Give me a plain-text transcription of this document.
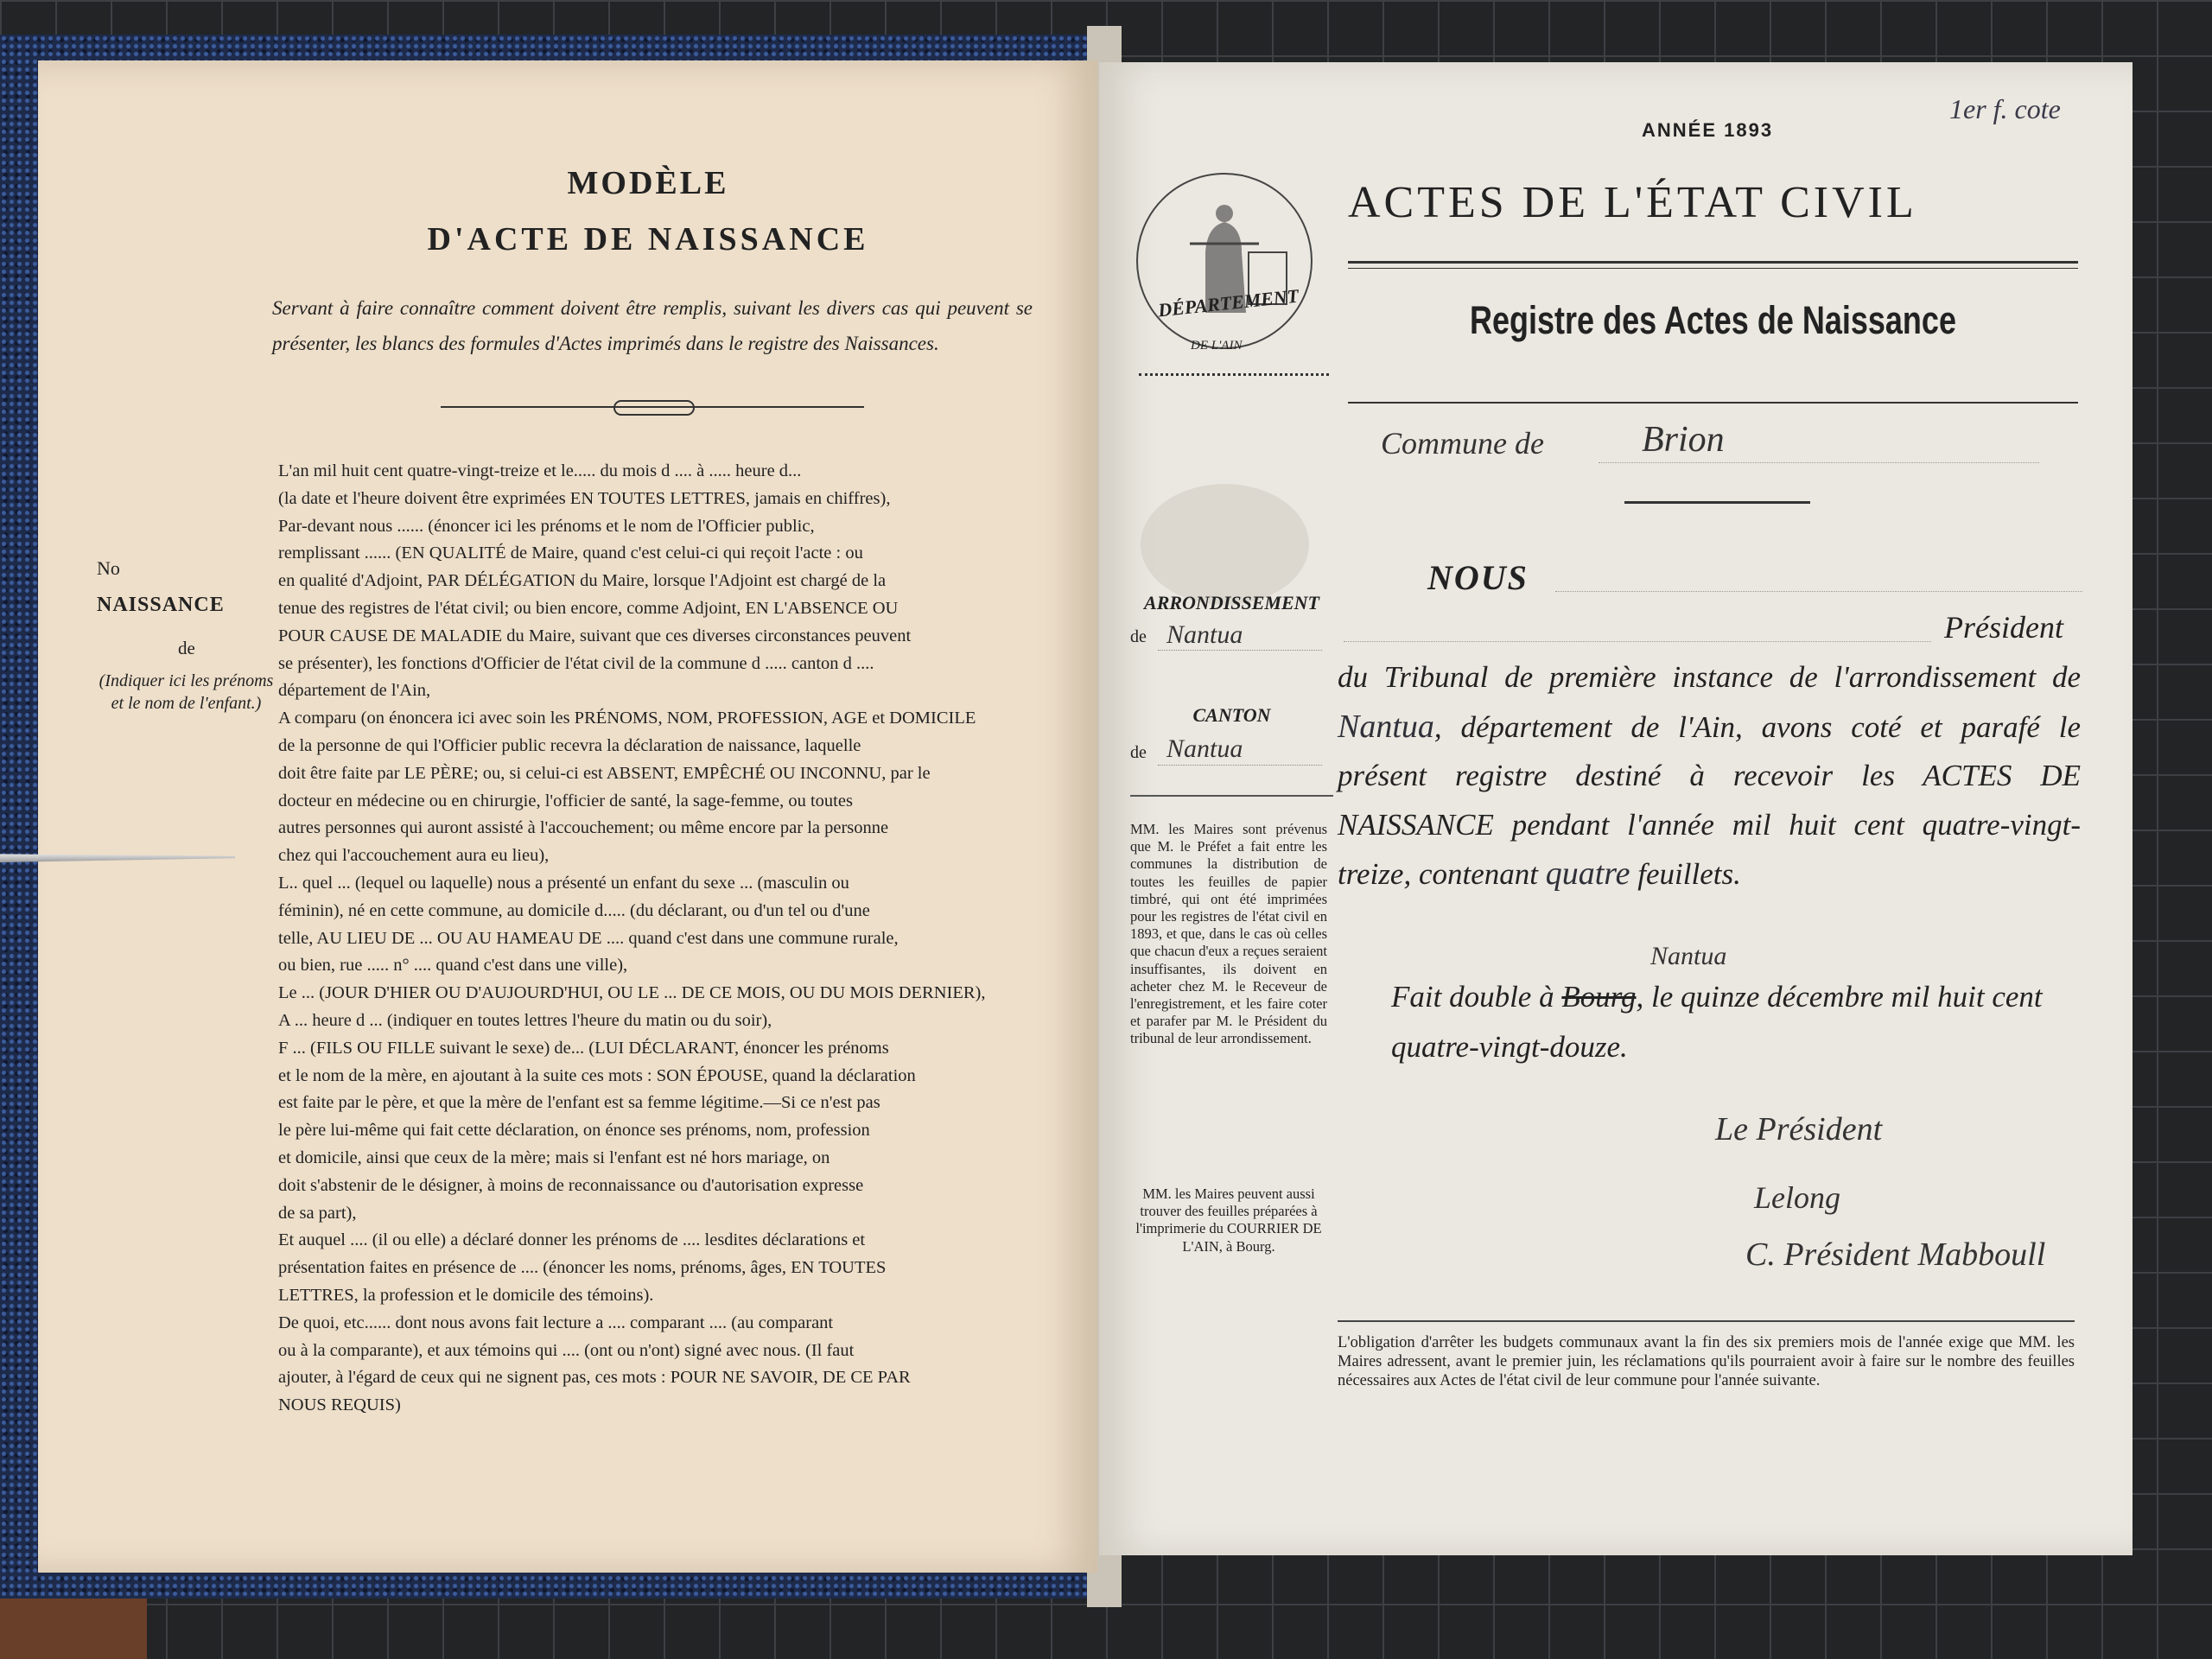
MODÈLE
D'ACTE DE NAISSANCE
Servant à faire connaître comment doivent être remplis, suivant les divers cas qui peuvent se présenter, les blancs des formules d'Actes imprimés dans le registre des Naissances.
No
NAISSANCE
de
(Indiquer ici les prénoms et le nom de l'enfant.)
L'an mil huit cent quatre-vingt-treize et le..... du mois d .... à ..... heure d...
(la date et l'heure doivent être exprimées EN TOUTES LETTRES, jamais en chiffres),
Par-devant nous ...... (énoncer ici les prénoms et le nom de l'Officier public,
remplissant ...... (EN QUALITÉ de Maire, quand c'est celui-ci qui reçoit l'acte : ou
en qualité d'Adjoint, PAR DÉLÉGATION du Maire, lorsque l'Adjoint est chargé de la
tenue des registres de l'état civil; ou bien encore, comme Adjoint, EN L'ABSENCE OU
POUR CAUSE DE MALADIE du Maire, suivant que ces diverses circonstances peuvent
se présenter), les fonctions d'Officier de l'état civil de la commune d ..... canton d ....
département de l'Ain,
A comparu (on énoncera ici avec soin les PRÉNOMS, NOM, PROFESSION, AGE et DOMICILE
de la personne de qui l'Officier public recevra la déclaration de naissance, laquelle
doit être faite par LE PÈRE; ou, si celui-ci est ABSENT, EMPÊCHÉ OU INCONNU, par le
docteur en médecine ou en chirurgie, l'officier de santé, la sage-femme, ou toutes
autres personnes qui auront assisté à l'accouchement; ou même encore par la personne
chez qui l'accouchement aura eu lieu),
L.. quel ... (lequel ou laquelle) nous a présenté un enfant du sexe ... (masculin ou
féminin), né en cette commune, au domicile d..... (du déclarant, ou d'un tel ou d'une
telle, AU LIEU DE ... OU AU HAMEAU DE .... quand c'est dans une commune rurale,
ou bien, rue ..... n° .... quand c'est dans une ville),
Le ... (JOUR D'HIER OU D'AUJOURD'HUI, OU LE ... DE CE MOIS, OU DU MOIS DERNIER),
A ... heure d ... (indiquer en toutes lettres l'heure du matin ou du soir),
F ... (FILS OU FILLE suivant le sexe) de... (LUI DÉCLARANT, énoncer les prénoms
et le nom de la mère, en ajoutant à la suite ces mots : SON ÉPOUSE, quand la déclaration
est faite par le père, et que la mère de l'enfant est sa femme légitime.—Si ce n'est pas
le père lui-même qui fait cette déclaration, on énonce ses prénoms, nom, profession
et domicile, ainsi que ceux de la mère; mais si l'enfant est né hors mariage, on
doit s'abstenir de le désigner, à moins de reconnaissance ou d'autorisation expresse
de sa part),
Et auquel .... (il ou elle) a déclaré donner les prénoms de .... lesdites déclarations et
présentation faites en présence de .... (énoncer les noms, prénoms, âges, EN TOUTES
LETTRES, la profession et le domicile des témoins).
De quoi, etc...... dont nous avons fait lecture a .... comparant .... (au comparant
ou à la comparante), et aux témoins qui .... (ont ou n'ont) signé avec nous. (Il faut
ajouter, à l'égard de ceux qui ne signent pas, ces mots : POUR NE SAVOIR, DE CE PAR
NOUS REQUIS)
ANNÉE 1893
1er f. cote
DÉPARTEMENT
DE L'AIN
ACTES DE L'ÉTAT CIVIL
Registre des Actes de Naissance
Commune de	Brion
ARRONDISSEMENT
de Nantua
CANTON
de Nantua
MM. les Maires sont prévenus que M. le Préfet a fait entre les communes la distribution de toutes les feuilles de papier timbré, qui ont été imprimées pour les registres de l'état civil en 1893, et que, dans le cas où celles que chacun d'eux a reçues seraient insuffisantes, ils doivent en acheter chez M. le Receveur de l'enregistrement, et les faire coter et parafer par M. le Président du tribunal de leur arrondissement.
MM. les Maires peuvent aussi trouver des feuilles préparées à l'imprimerie du COURRIER DE L'AIN, à Bourg.
NOUS
Président
du Tribunal de première instance de l'arrondissement de Nantua, département de l'Ain, avons coté et parafé le présent registre destiné à recevoir les ACTES DE NAISSANCE pendant l'année mil huit cent quatre-vingt-treize, contenant quatre feuillets.
Nantua
Fait double à Bourg, le quinze décembre mil huit cent quatre-vingt-douze.
Le Président
Lelong
C. Président Mabboull
L'obligation d'arrêter les budgets communaux avant la fin des six premiers mois de l'année exige que MM. les Maires adressent, avant le premier juin, les réclamations qu'ils pourraient avoir à faire sur le nombre des feuilles nécessaires aux Actes de l'état civil de leur commune pour l'année suivante.
